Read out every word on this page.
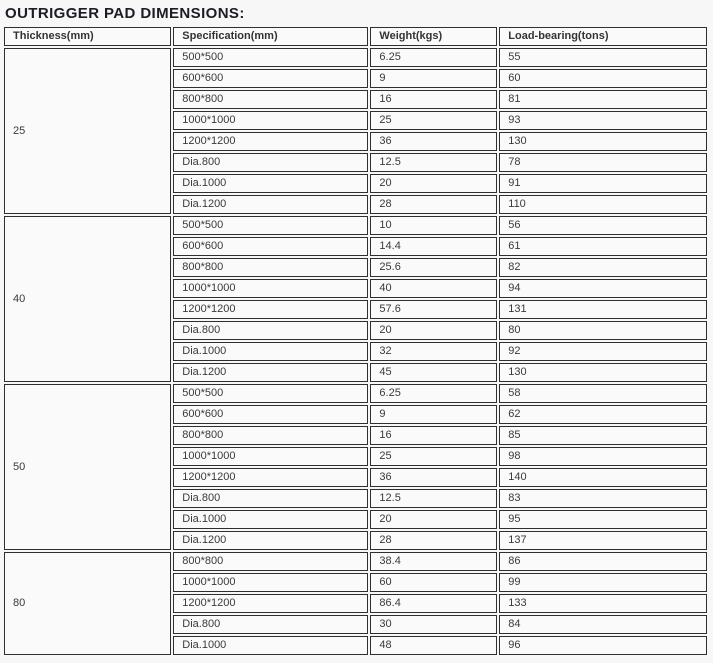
OUTRIGGER PAD DIMENSIONS:
Thickness(mm)	Specification(mm)	Weight(kgs)	Load-bearing(tons)
25	500*500	6.25	55
	600*600	9	60
	800*800	16	81
	1000*1000	25	93
	1200*1200	36	130
	Dia.800	12.5	78
	Dia.1000	20	91
	Dia.1200	28	110
40	500*500	10	56
	600*600	14.4	61
	800*800	25.6	82
	1000*1000	40	94
	1200*1200	57.6	131
	Dia.800	20	80
	Dia.1000	32	92
	Dia.1200	45	130
50	500*500	6.25	58
	600*600	9	62
	800*800	16	85
	1000*1000	25	98
	1200*1200	36	140
	Dia.800	12.5	83
	Dia.1000	20	95
	Dia.1200	28	137
80	800*800	38.4	86
	1000*1000	60	99
	1200*1200	86.4	133
	Dia.800	30	84
	Dia.1000	48	96
